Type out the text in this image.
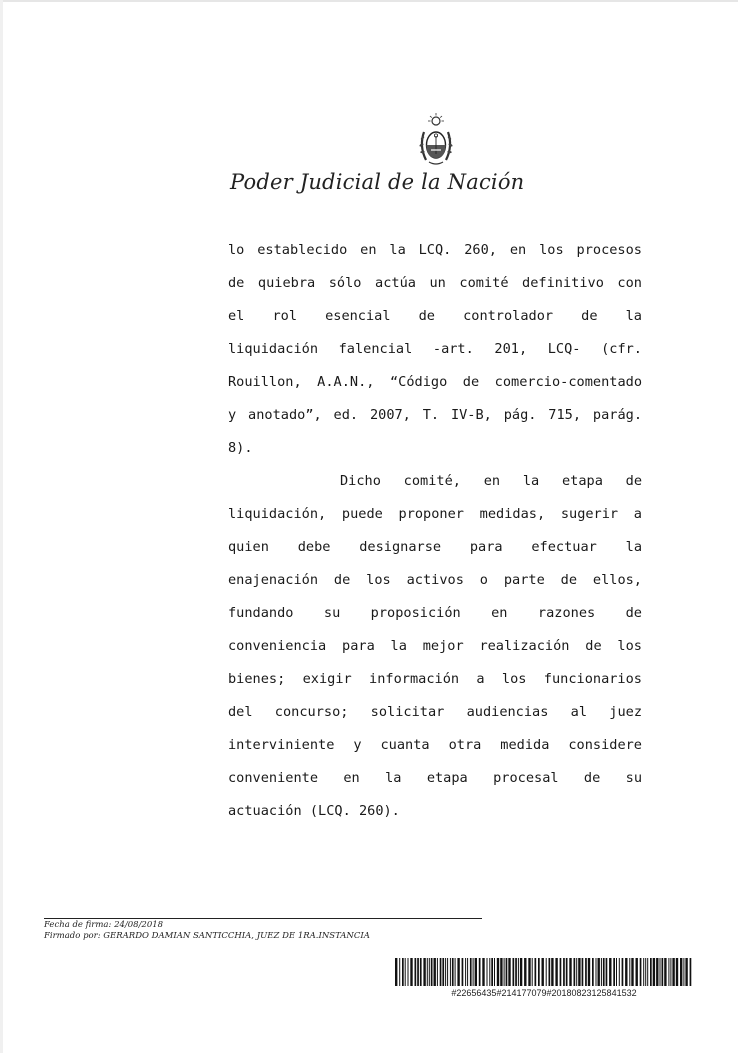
Poder Judicial de la Nación
lo establecido en la LCQ. 260, en los procesos
de quiebra sólo actúa un comité definitivo con
el rol esencial de controlador de la
liquidación falencial -art. 201, LCQ- (cfr.
Rouillon, A.A.N., “Código de comercio-comentado
y anotado”, ed. 2007, T. IV-B, pág. 715, parág.
8).
Dicho comité, en la etapa de
liquidación, puede proponer medidas, sugerir a
quien debe designarse para efectuar la
enajenación de los activos o parte de ellos,
fundando su proposición en razones de
conveniencia para la mejor realización de los
bienes; exigir información a los funcionarios
del concurso; solicitar audiencias al juez
interviniente y cuanta otra medida considere
conveniente en la etapa procesal de su
actuación (LCQ. 260).
Fecha de firma: 24/08/2018
Firmado por: GERARDO DAMIAN SANTICCHIA, JUEZ DE 1RA.INSTANCIA
#22656435#214177079#20180823125841532
